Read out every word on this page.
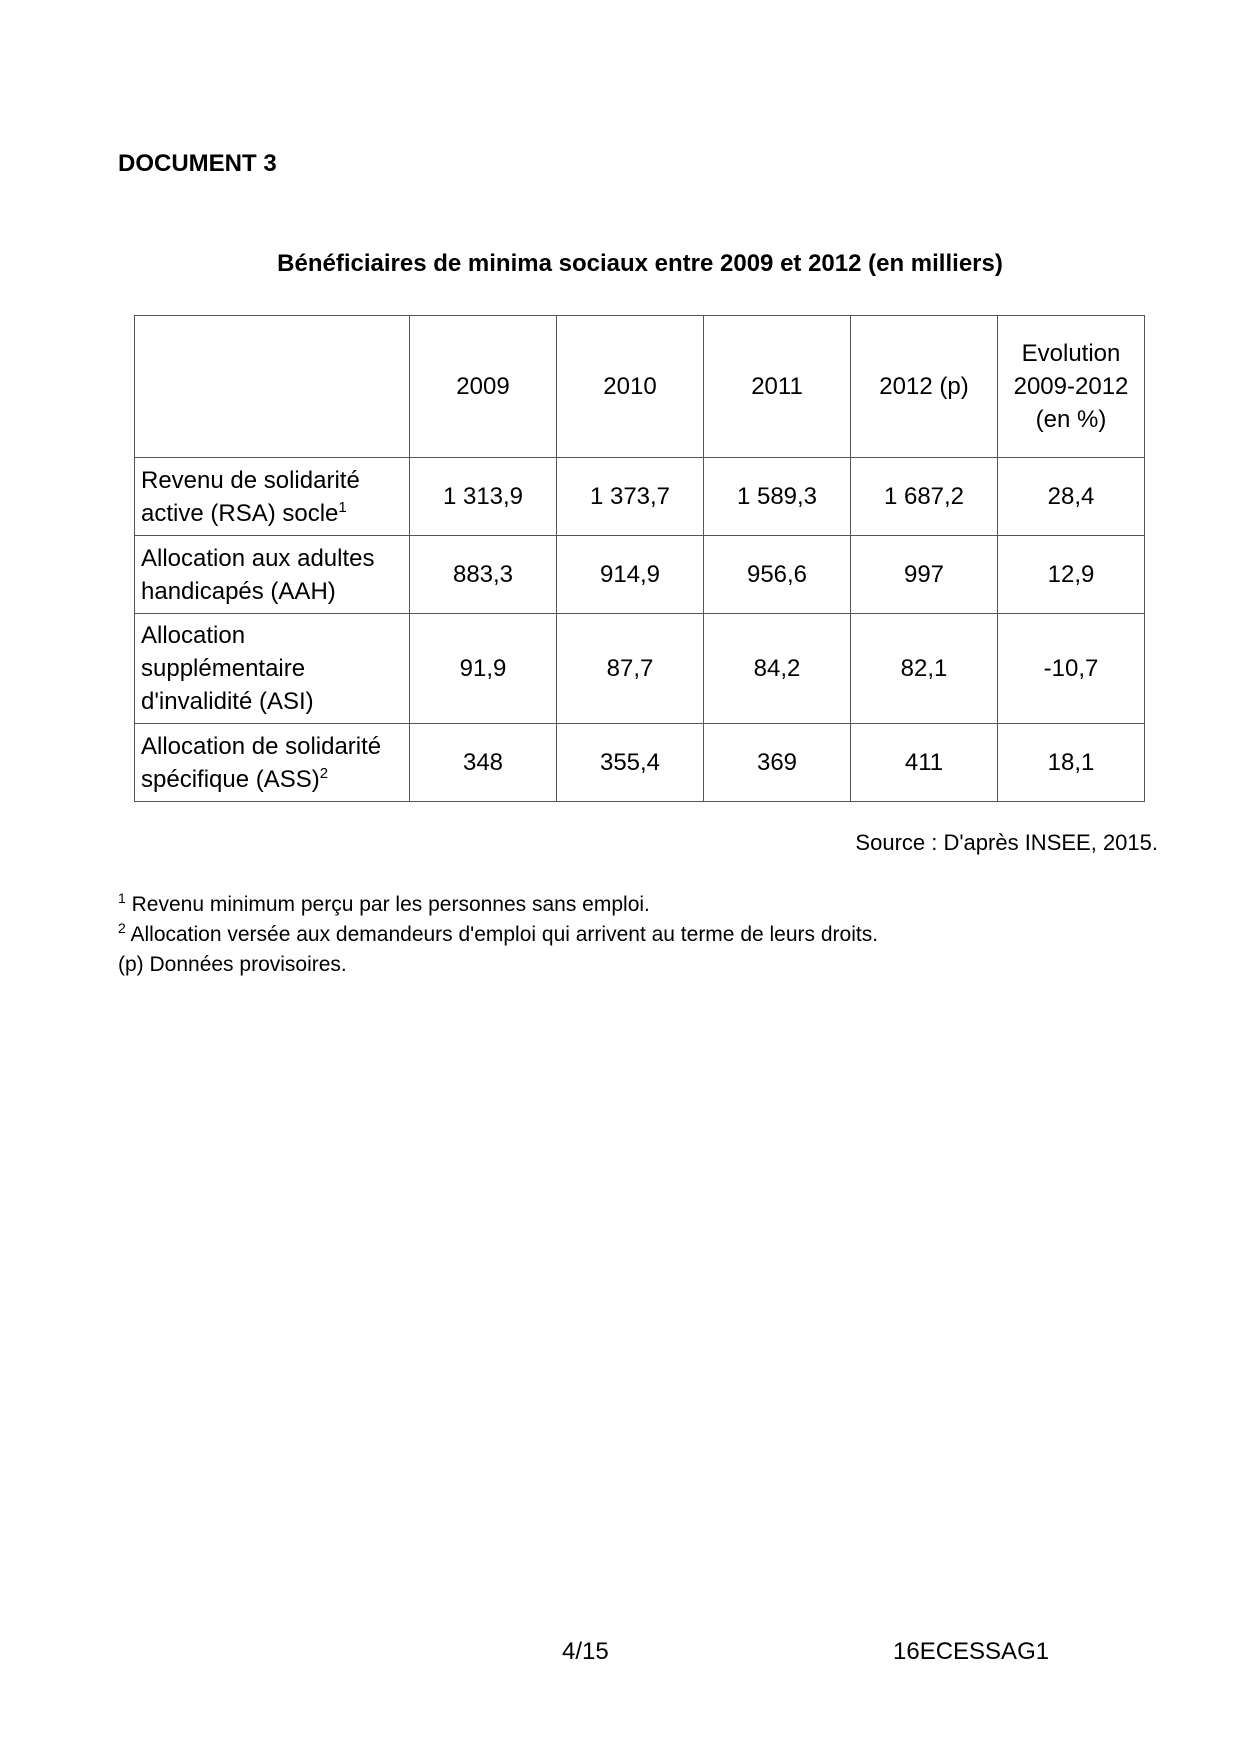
DOCUMENT 3
Bénéficiaires de minima sociaux entre 2009 et 2012 (en milliers)
	2009	2010	2011	2012 (p)	Evolution
2009-2012
(en %)
Revenu de solidarité
active (RSA) socle$^1$	1 313,9	1 373,7	1 589,3	1 687,2	28,4
Allocation aux adultes
handicapés (AAH)	883,3	914,9	956,6	997	12,9
Allocation
supplémentaire
d'invalidité (ASI)	91,9	87,7	84,2	82,1	-10,7
Allocation de solidarité
spécifique (ASS)$^2$	348	355,4	369	411	18,1
Source : D'après INSEE, 2015.
$^1$ Revenu minimum perçu par les personnes sans emploi.
$^2$ Allocation versée aux demandeurs d'emploi qui arrivent au terme de leurs droits.
(p) Données provisoires.
4/15	16ECESSAG1
